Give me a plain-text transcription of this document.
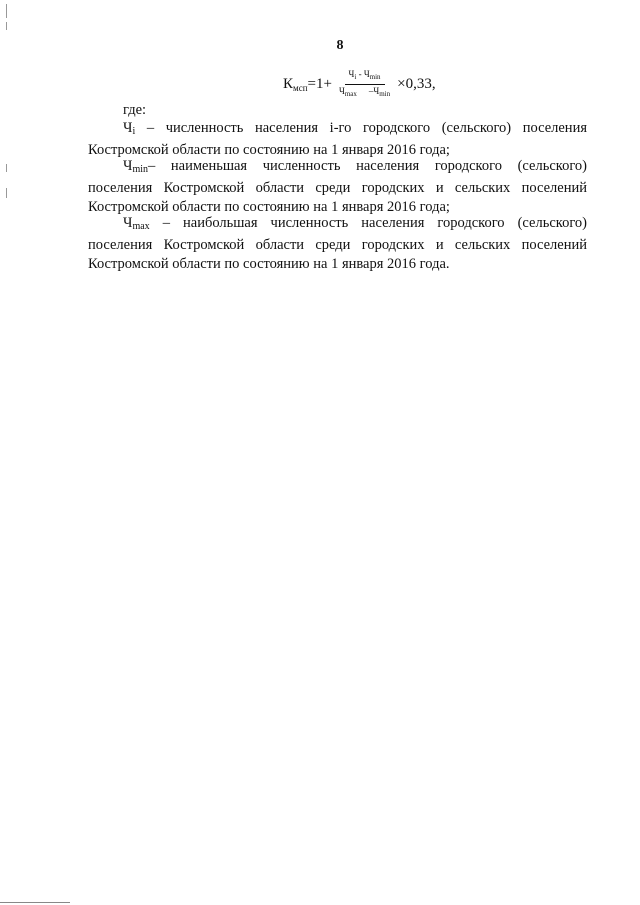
8
$К_{мсп} =1+ \frac{Ч_i - Ч_{min}}{Ч_{max} -Ч_{min}} \times 0,33$,
где:
$Ч_i$ – численность населения i-го городского (сельского) поселения Костромской области по состоянию на 1 января 2016 года;
$Ч_{min}-$ наименьшая численность населения городского (сельского) поселения Костромской области среди городских и сельских поселений Костромской области по состоянию на 1 января 2016 года;
$Ч_{max}$ – наибольшая численность населения городского (сельского) поселения Костромской области среди городских и сельских поселений Костромской области по состоянию на 1 января 2016 года.
